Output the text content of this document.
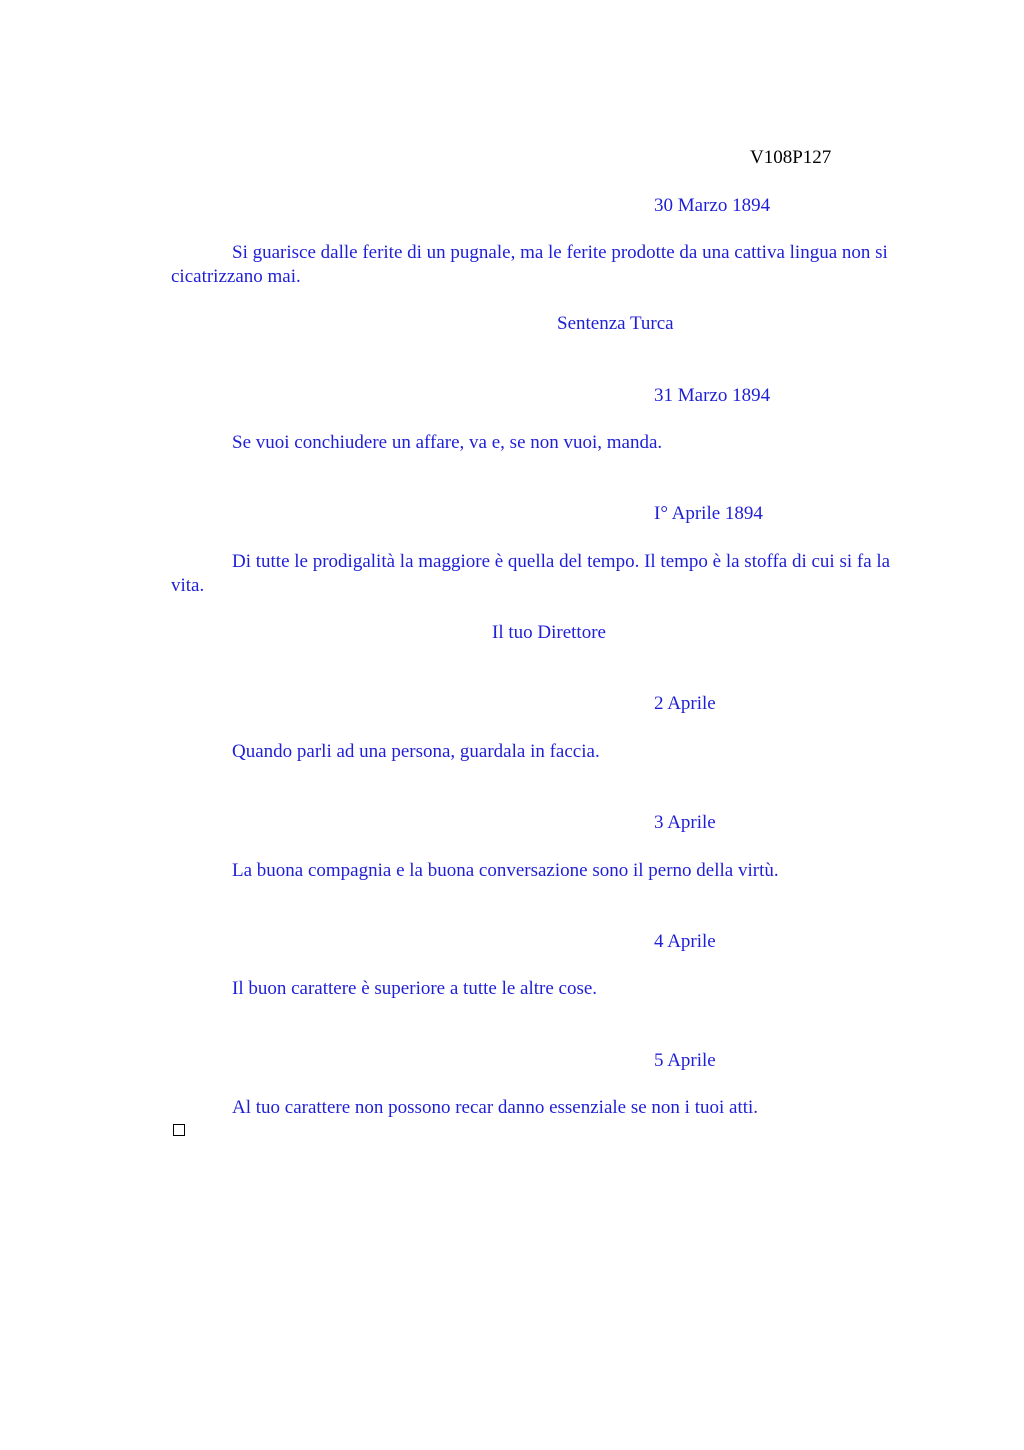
V108P127
30 Marzo 1894

Si guarisce dalle ferite di un pugnale, ma le ferite prodotte da una cattiva lingua non si cicatrizzano mai.

Sentenza Turca
31 Marzo 1894

Se vuoi conchiudere un affare, va e, se non vuoi, manda.

I° Aprile 1894

Di tutte le prodigalità la maggiore è quella del tempo. Il tempo è la stoffa di cui si fa la vita.

Il tuo Direttore
2 Aprile

Quando parli ad una persona, guardala in faccia.

3 Aprile

La buona compagnia e la buona conversazione sono il perno della virtù.

4 Aprile

Il buon carattere è superiore a tutte le altre cose.

5 Aprile

Al tuo carattere non possono recar danno essenziale se non i tuoi atti.
